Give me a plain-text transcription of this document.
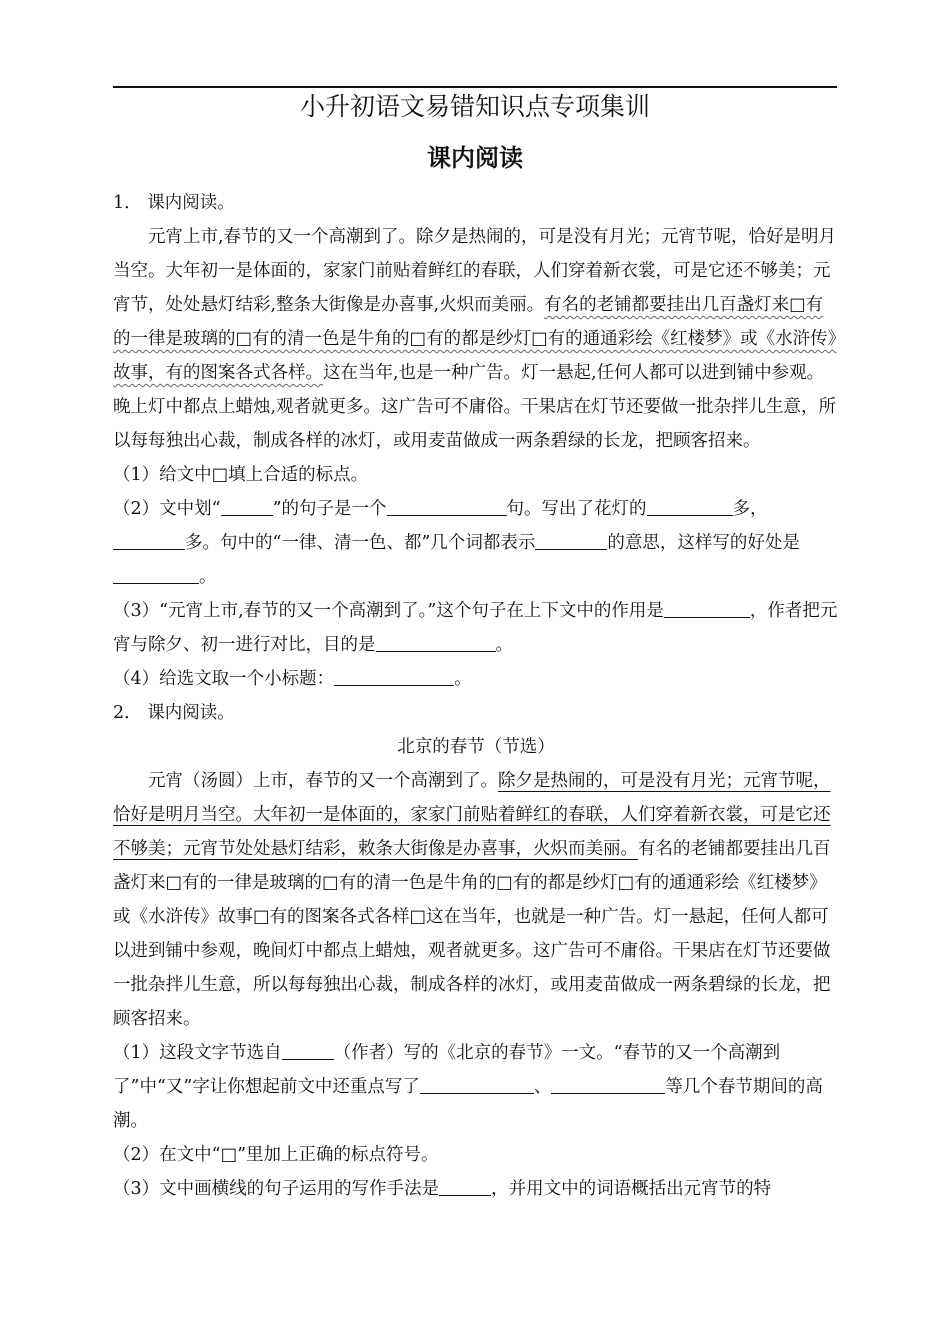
小升初语文易错知识点专项集训
课内阅读

1． 课内阅读。

元宵上市,春节的又一个高潮到了。除夕是热闹的，可是没有月光；元宵节呢，恰好是明月当空。大年初一是体面的，家家门前贴着鲜红的春联，人们穿着新衣裳，可是它还不够美；元宵节，处处悬灯结彩,整条大街像是办喜事,火炽而美丽。有名的老铺都要挂出几百盏灯来□有的一律是玻璃的□有的清一色是牛角的□有的都是纱灯□有的通通彩绘《红楼梦》或《水浒传》故事，有的图案各式各样。这在当年,也是一种广告。灯一悬起,任何人都可以进到铺中参观。晚上灯中都点上蜡烛,观者就更多。这广告可不庸俗。干果店在灯节还要做一批杂拌儿生意，所以每每独出心裁，制成各样的冰灯，或用麦苗做成一两条碧绿的长龙，把顾客招来。

（1）给文中□填上合适的标点。

（2）文中划“	”的句子是一个	句。写出了花灯的	多，多。句中的“一律、清一色、都”几个词都表示	的意思，这样写的好处是。

（3）“元宵上市,春节的又一个高潮到了。”这个句子在上下文中的作用是	，作者把元宵与除夕、初一进行对比，目的是	。

（4）给选文取一个小标题：	。

2． 课内阅读。

北京的春节（节选）

元宵（汤圆）上市，春节的又一个高潮到了。除夕是热闹的，可是没有月光；元宵节呢，恰好是明月当空。大年初一是体面的，家家门前贴着鲜红的春联，人们穿着新衣裳，可是它还不够美；元宵节处处悬灯结彩，敕条大街像是办喜事，火炽而美丽。有名的老铺都要挂出几百盏灯来□有的一律是玻璃的□有的清一色是牛角的□有的都是纱灯□有的通通彩绘《红楼梦》或《水浒传》故事□有的图案各式各样□这在当年，也就是一种广告。灯一悬起，任何人都可以进到铺中参观，晚间灯中都点上蜡烛，观者就更多。这广告可不庸俗。干果店在灯节还要做一批杂拌儿生意，所以每每独出心裁，制成各样的冰灯，或用麦苗做成一两条碧绿的长龙，把顾客招来。

（1）这段文字节选自	（作者）写的《北京的春节》一文。“春节的又一个高潮到了”中“又”字让你想起前文中还重点写了	、	等几个春节期间的高潮。

（2）在文中“□”里加上正确的标点符号。

（3）文中画横线的句子运用的写作手法是	，并用文中的词语概括出元宵节的特
